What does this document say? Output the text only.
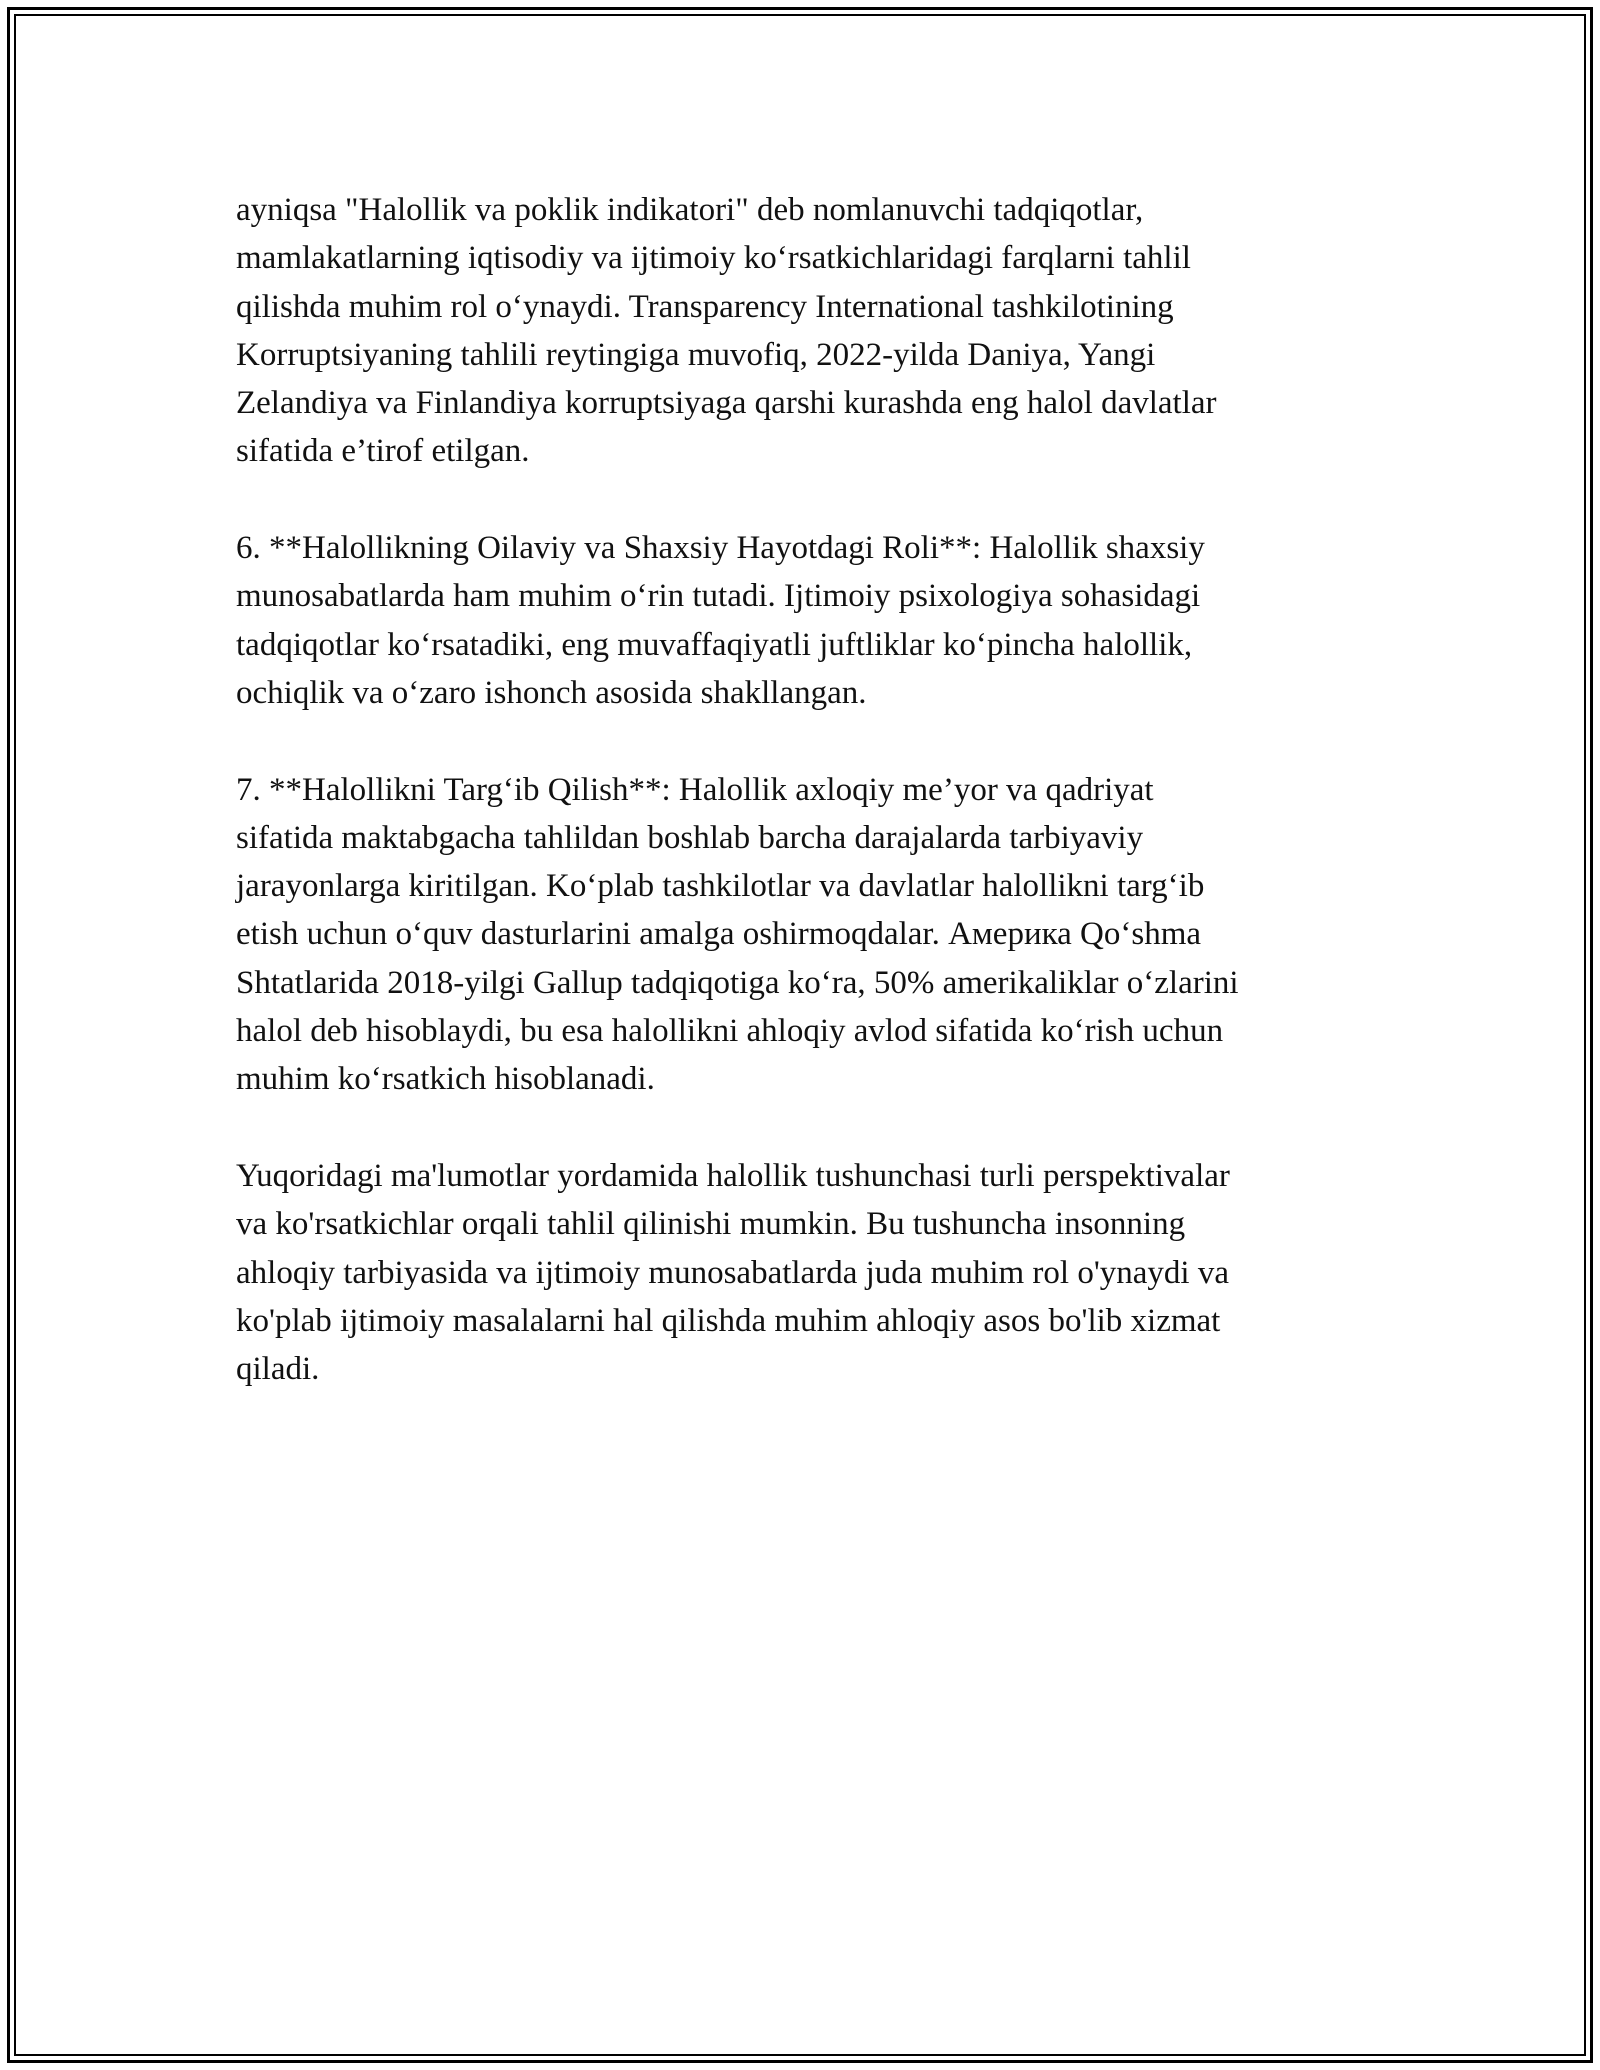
ayniqsa "Halollik va poklik indikatori" deb nomlanuvchi tadqiqotlar,
mamlakatlarning iqtisodiy va ijtimoiy ko‘rsatkichlaridagi farqlarni tahlil
qilishda muhim rol o‘ynaydi. Transparency International tashkilotining
Korruptsiyaning tahlili reytingiga muvofiq, 2022-yilda Daniya, Yangi
Zelandiya va Finlandiya korruptsiyaga qarshi kurashda eng halol davlatlar
sifatida e’tirof etilgan.

6. **Halollikning Oilaviy va Shaxsiy Hayotdagi Roli**: Halollik shaxsiy
munosabatlarda ham muhim o‘rin tutadi. Ijtimoiy psixologiya sohasidagi
tadqiqotlar ko‘rsatadiki, eng muvaffaqiyatli juftliklar ko‘pincha halollik,
ochiqlik va o‘zaro ishonch asosida shakllangan.

7. **Halollikni Targ‘ib Qilish**: Halollik axloqiy me’yor va qadriyat
sifatida maktabgacha tahlildan boshlab barcha darajalarda tarbiyaviy
jarayonlarga kiritilgan. Ko‘plab tashkilotlar va davlatlar halollikni targ‘ib
etish uchun o‘quv dasturlarini amalga oshirmoqdalar. Америка Qo‘shma
Shtatlarida 2018-yilgi Gallup tadqiqotiga ko‘ra, 50% amerikaliklar o‘zlarini
halol deb hisoblaydi, bu esa halollikni ahloqiy avlod sifatida ko‘rish uchun
muhim ko‘rsatkich hisoblanadi.

Yuqoridagi ma'lumotlar yordamida halollik tushunchasi turli perspektivalar
va ko'rsatkichlar orqali tahlil qilinishi mumkin. Bu tushuncha insonning
ahloqiy tarbiyasida va ijtimoiy munosabatlarda juda muhim rol o'ynaydi va
ko'plab ijtimoiy masalalarni hal qilishda muhim ahloqiy asos bo'lib xizmat
qiladi.
